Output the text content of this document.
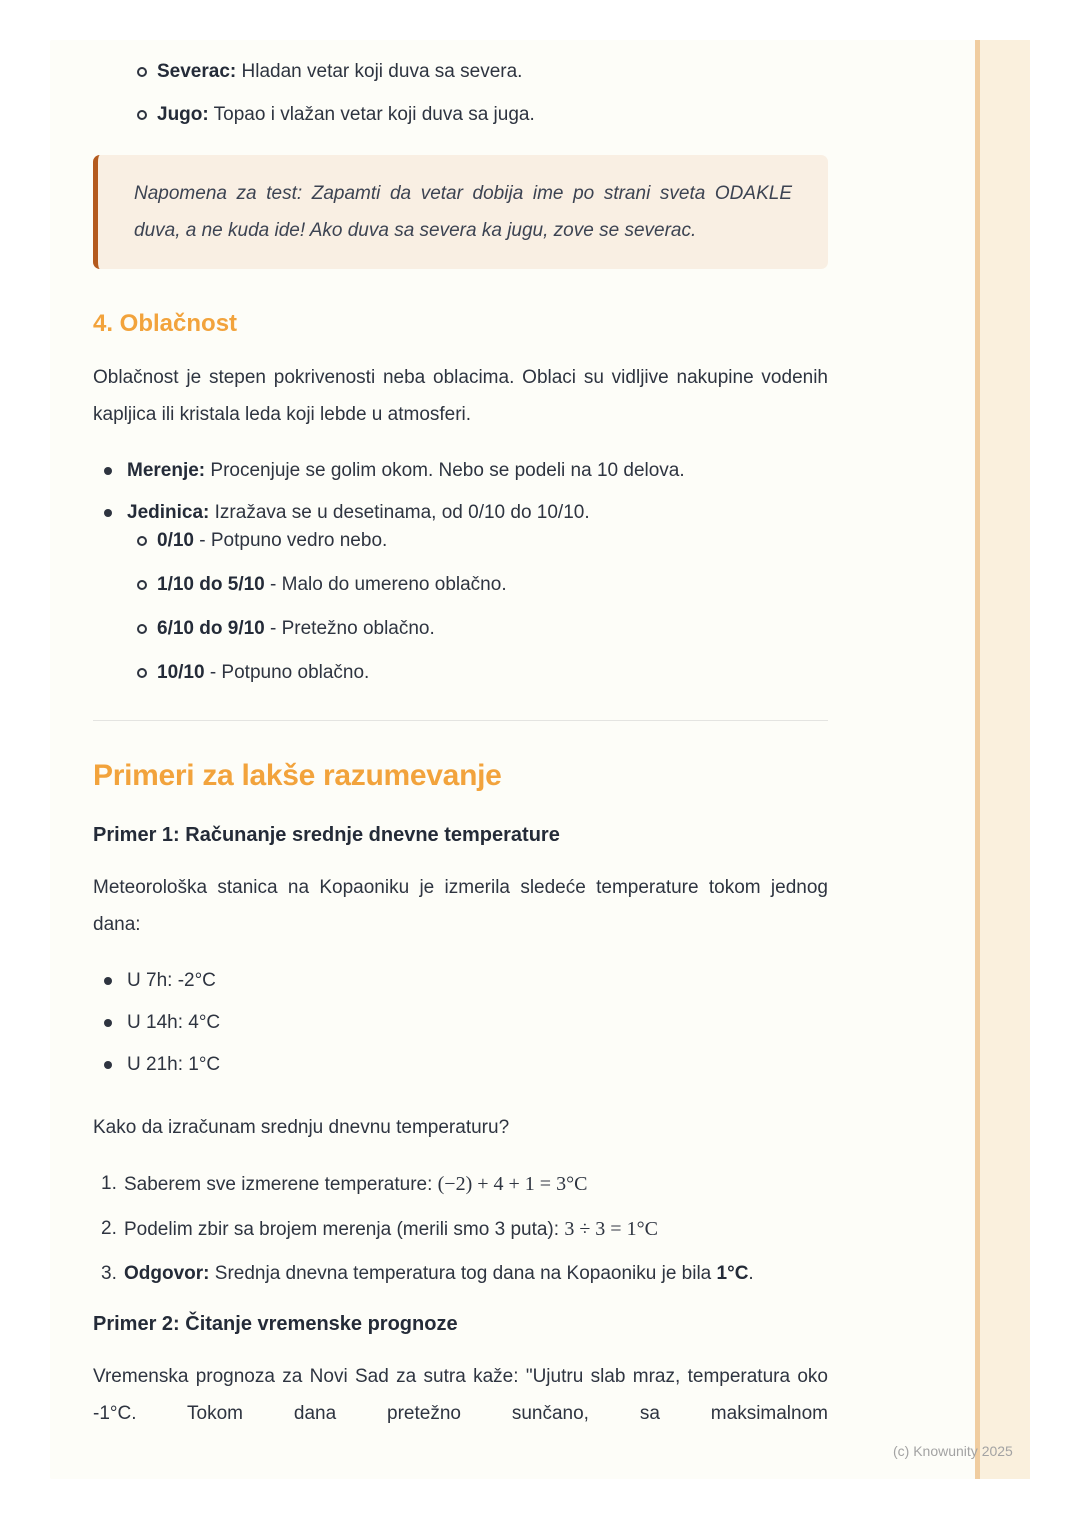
Severac: Hladan vetar koji duva sa severa.
Jugo: Topao i vlažan vetar koji duva sa juga.

Napomena za test: Zapamti da vetar dobija ime po strani sveta ODAKLE duva, a ne kuda ide! Ako duva sa severa ka jugu, zove se severac.

4. Oblačnost

Oblačnost je stepen pokrivenosti neba oblacima. Oblaci su vidljive nakupine vodenih kapljica ili kristala leda koji lebde u atmosferi.

Merenje: Procenjuje se golim okom. Nebo se podeli na 10 delova.
Jedinica: Izražava se u desetinama, od 0/10 do 10/10.
0/10 - Potpuno vedro nebo.
1/10 do 5/10 - Malo do umereno oblačno.
6/10 do 9/10 - Pretežno oblačno.
10/10 - Potpuno oblačno.
Primeri za lakše razumevanje
Primer 1: Računanje srednje dnevne temperature

Meteorološka stanica na Kopaoniku je izmerila sledeće temperature tokom jednog dana:

U 7h: -2°C
U 14h: 4°C
U 21h: 1°C

Kako da izračunam srednju dnevnu temperaturu?

1. Saberem sve izmerene temperature: (−2) + 4 + 1 = 3°C
2. Podelim zbir sa brojem merenja (merili smo 3 puta): 3 ÷ 3 = 1°C
3. Odgovor: Srednja dnevna temperatura tog dana na Kopaoniku je bila 1°C.
Primer 2: Čitanje vremenske prognoze

Vremenska prognoza za Novi Sad za sutra kaže: "Ujutru slab mraz, temperatura oko -1°C. Tokom dana pretežno sunčano, sa maksimalnom

(c) Knowunity 2025
